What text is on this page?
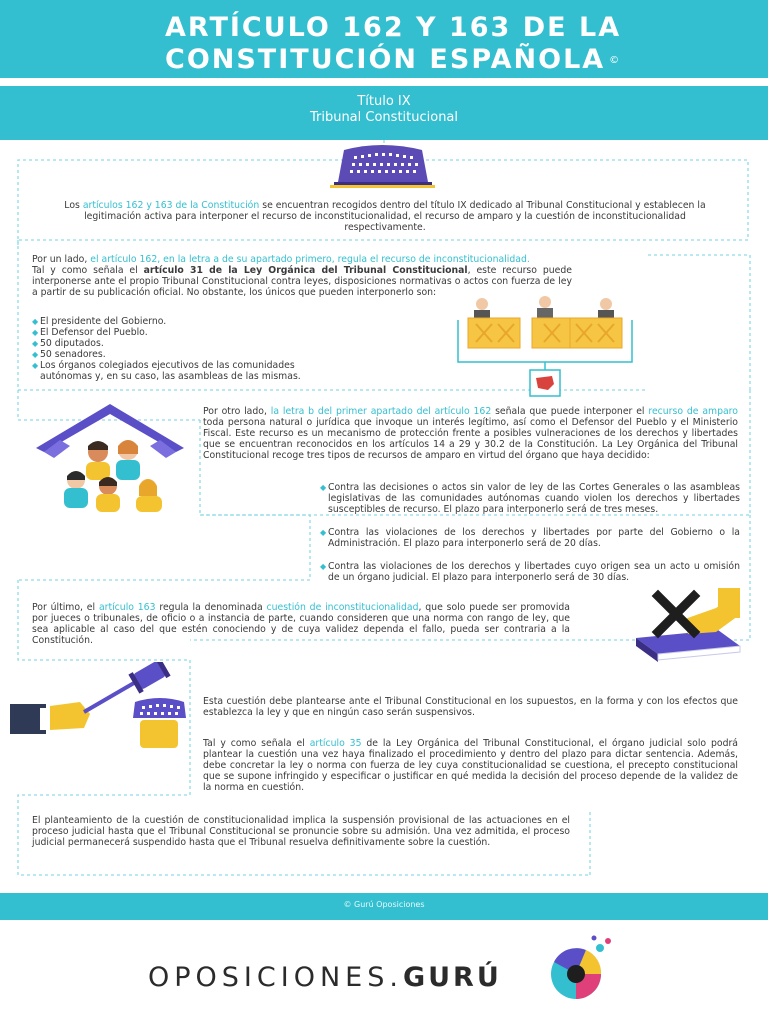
ARTÍCULO 162 Y 163 DE LA
CONSTITUCIÓN ESPAÑOLA ©
Título IX
Tribunal Constitucional

Los artículos 162 y 163 de la Constitución se encuentran recogidos dentro del título IX dedicado al Tribunal Constitucional y establecen la legitimación activa para interponer el recurso de inconstitucionalidad, el recurso de amparo y la cuestión de inconstitucionalidad respectivamente.

Por un lado, el artículo 162, en la letra a de su apartado primero, regula el recurso de inconstitucionalidad.
Tal y como señala el artículo 31 de la Ley Orgánica del Tribunal Constitucional, este recurso puede interponerse ante el propio Tribunal Constitucional contra leyes, disposiciones normativas o actos con fuerza de ley a partir de su publicación oficial. No obstante, los únicos que pueden interponerlo son:

◆ El presidente del Gobierno.
◆ El Defensor del Pueblo.
◆ 50 diputados.
◆ 50 senadores.
◆ Los órganos colegiados ejecutivos de las comunidades autónomas y, en su caso, las asambleas de las mismas.

Por otro lado, la letra b del primer apartado del artículo 162 señala que puede interponer el recurso de amparo toda persona natural o jurídica que invoque un interés legítimo, así como el Defensor del Pueblo y el Ministerio Fiscal. Este recurso es un mecanismo de protección frente a posibles vulneraciones de los derechos y libertades que se encuentran reconocidos en los artículos 14 a 29 y 30.2 de la Constitución. La Ley Orgánica del Tribunal Constitucional recoge tres tipos de recursos de amparo en virtud del órgano que haya decidido:

◆ Contra las decisiones o actos sin valor de ley de las Cortes Generales o las asambleas legislativas de las comunidades autónomas cuando violen los derechos y libertades susceptibles de recurso. El plazo para interponerlo será de tres meses.
◆ Contra las violaciones de los derechos y libertades por parte del Gobierno o la Administración. El plazo para interponerlo será de 20 días.
◆ Contra las violaciones de los derechos y libertades cuyo origen sea un acto u omisión de un órgano judicial. El plazo para interponerlo será de 30 días.

Por último, el artículo 163 regula la denominada cuestión de inconstitucionalidad, que solo puede ser promovida por jueces o tribunales, de oficio o a instancia de parte, cuando consideren que una norma con rango de ley, que sea aplicable al caso del que estén conociendo y de cuya validez dependa el fallo, pueda ser contraria a la Constitución.

Esta cuestión debe plantearse ante el Tribunal Constitucional en los supuestos, en la forma y con los efectos que establezca la ley y que en ningún caso serán suspensivos.

Tal y como señala el artículo 35 de la Ley Orgánica del Tribunal Constitucional, el órgano judicial solo podrá plantear la cuestión una vez haya finalizado el procedimiento y dentro del plazo para dictar sentencia. Además, debe concretar la ley o norma con fuerza de ley cuya constitucionalidad se cuestiona, el precepto constitucional que se supone infringido y especificar o justificar en qué medida la decisión del proceso depende de la validez de la norma en cuestión.

El planteamiento de la cuestión de constitucionalidad implica la suspensión provisional de las actuaciones en el proceso judicial hasta que el Tribunal Constitucional se pronuncie sobre su admisión. Una vez admitida, el proceso judicial permanecerá suspendido hasta que el Tribunal resuelva definitivamente sobre la cuestión.

© Gurú Oposiciones
OPOSICIONES.GURÚ
